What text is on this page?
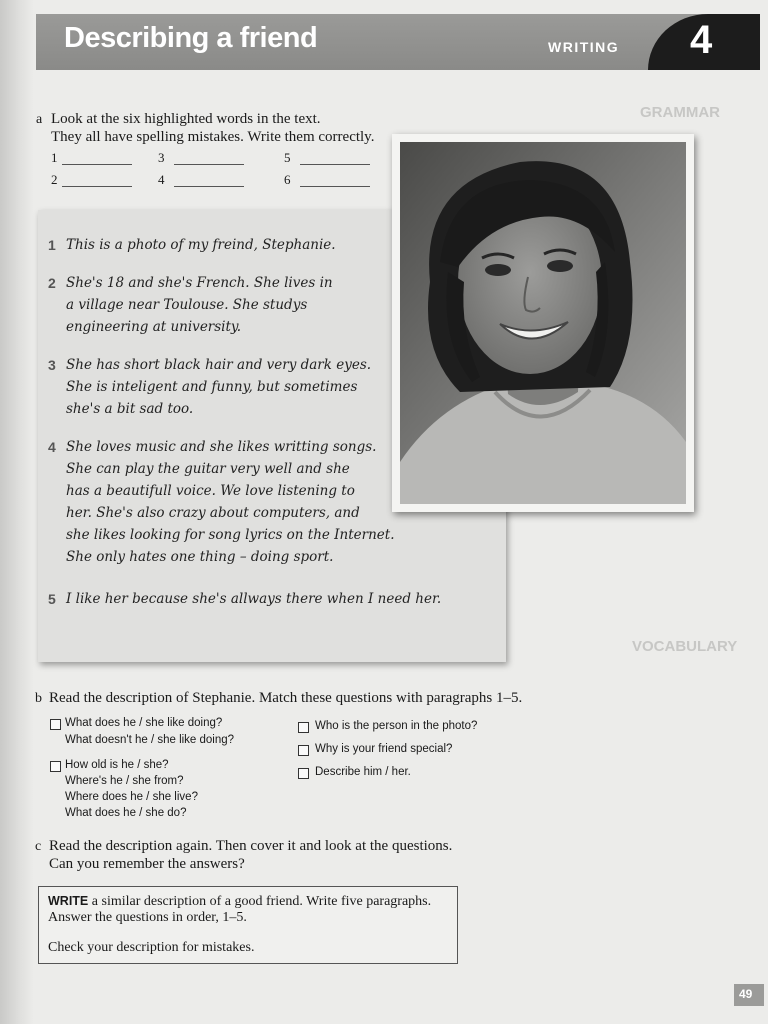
GRAMMAR
VOCABULARY
Describing a friend	WRITING 4
a Look at the six highlighted words in the text.
They all have spelling mistakes. Write them correctly.
1
2
3
4
5
6
1 This is a photo of my freind, Stephanie.
2 She's 18 and she's French. She lives in
a village near Toulouse. She studys
engineering at university.
3 She has short black hair and very dark eyes.
She is inteligent and funny, but sometimes
she's a bit sad too.
4 She loves music and she likes writting songs.
She can play the guitar very well and she
has a beautifull voice. We love listening to
her. She's also crazy about computers, and
she likes looking for song lyrics on the Internet.
She only hates one thing – doing sport.
5 I like her because she's allways there when I need her.
b Read the description of Stephanie. Match these questions with paragraphs 1–5.
What does he / she like doing?
What doesn't he / she like doing?
How old is he / she?
Where's he / she from?
Where does he / she live?
What does he / she do?
Who is the person in the photo?
Why is your friend special?
Describe him / her.
c Read the description again. Then cover it and look at the questions.
Can you remember the answers?
WRITE a similar description of a good friend. Write five paragraphs.
Answer the questions in order, 1–5.
Check your description for mistakes.
49
